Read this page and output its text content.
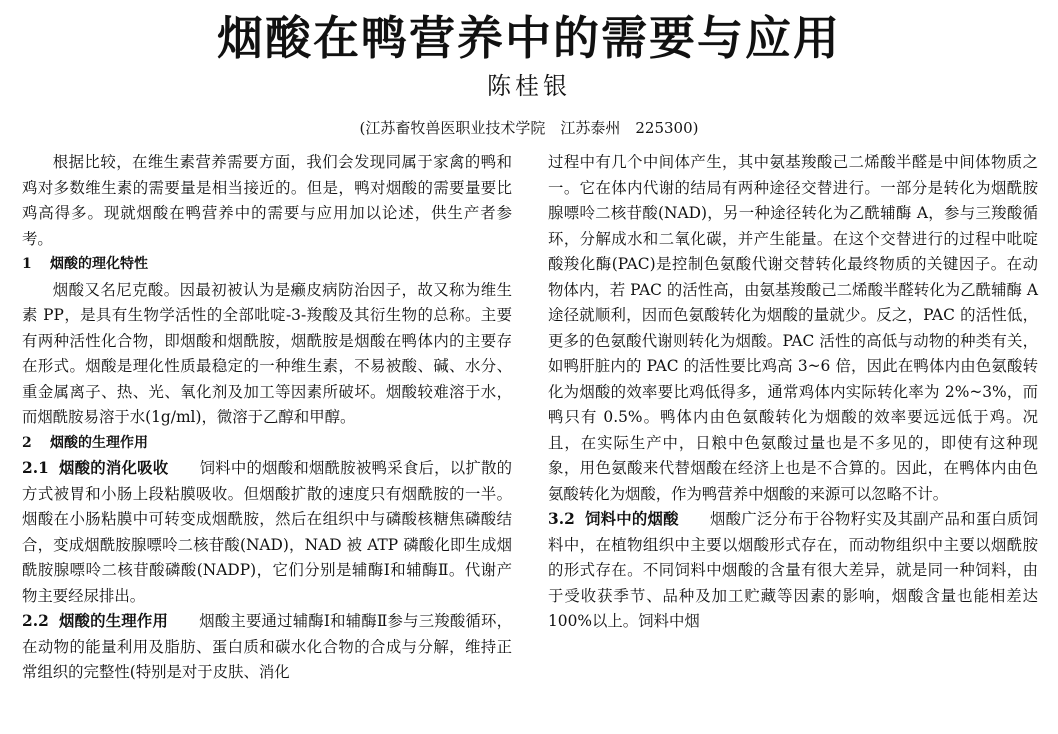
烟酸在鸭营养中的需要与应用
陈桂银
(江苏畜牧兽医职业技术学院　江苏泰州　225300)

根据比较，在维生素营养需要方面，我们会发现同属于家禽的鸭和鸡对多数维生素的需要量是相当接近的。但是，鸭对烟酸的需要量要比鸡高得多。现就烟酸在鸭营养中的需要与应用加以论述，供生产者参考。

1 烟酸的理化特性

烟酸又名尼克酸。因最初被认为是癞皮病防治因子，故又称为维生素 PP，是具有生物学活性的全部吡啶-3-羧酸及其衍生物的总称。主要有两种活性化合物，即烟酸和烟酰胺，烟酰胺是烟酸在鸭体内的主要存在形式。烟酸是理化性质最稳定的一种维生素，不易被酸、碱、水分、重金属离子、热、光、氧化剂及加工等因素所破坏。烟酸较难溶于水，而烟酰胺易溶于水(1g/ml)，微溶于乙醇和甲醇。

2 烟酸的生理作用

2.1 烟酸的消化吸收　　 饲料中的烟酸和烟酰胺被鸭采食后，以扩散的方式被胃和小肠上段粘膜吸收。但烟酸扩散的速度只有烟酰胺的一半。烟酸在小肠粘膜中可转变成烟酰胺，然后在组织中与磷酸核糖焦磷酸结合，变成烟酰胺腺嘌呤二核苷酸(NAD)，NAD 被 ATP 磷酸化即生成烟酰胺腺嘌呤二核苷酸磷酸(NADP)，它们分别是辅酶Ⅰ和辅酶Ⅱ。代谢产物主要经尿排出。

2.2 烟酸的生理作用　　 烟酸主要通过辅酶Ⅰ和辅酶Ⅱ参与三羧酸循环，在动物的能量利用及脂肪、蛋白质和碳水化合物的合成与分解，维持正常组织的完整性(特别是对于皮肤、消化

过程中有几个中间体产生，其中氨基羧酸己二烯酸半醛是中间体物质之一。它在体内代谢的结局有两种途径交替进行。一部分是转化为烟酰胺腺嘌呤二核苷酸(NAD)，另一种途径转化为乙酰辅酶 A，参与三羧酸循环，分解成水和二氧化碳，并产生能量。在这个交替进行的过程中吡啶酸羧化酶(PAC)是控制色氨酸代谢交替转化最终物质的关键因子。在动物体内，若 PAC 的活性高，由氨基羧酸己二烯酸半醛转化为乙酰辅酶 A 途径就顺利，因而色氨酸转化为烟酸的量就少。反之，PAC 的活性低，更多的色氨酸代谢则转化为烟酸。PAC 活性的高低与动物的种类有关，如鸭肝脏内的 PAC 的活性要比鸡高 3~6 倍，因此在鸭体内由色氨酸转化为烟酸的效率要比鸡低得多，通常鸡体内实际转化率为 2%~3%，而鸭只有 0.5%。鸭体内由色氨酸转化为烟酸的效率要远远低于鸡。况且，在实际生产中，日粮中色氨酸过量也是不多见的，即使有这种现象，用色氨酸来代替烟酸在经济上也是不合算的。因此，在鸭体内由色氨酸转化为烟酸，作为鸭营养中烟酸的来源可以忽略不计。

3.2 饲料中的烟酸　　 烟酸广泛分布于谷物籽实及其副产品和蛋白质饲料中，在植物组织中主要以烟酸形式存在，而动物组织中主要以烟酰胺的形式存在。不同饲料中烟酸的含量有很大差异，就是同一种饲料，由于受收获季节、品种及加工贮藏等因素的影响，烟酸含量也能相差达 100%以上。饲料中烟
